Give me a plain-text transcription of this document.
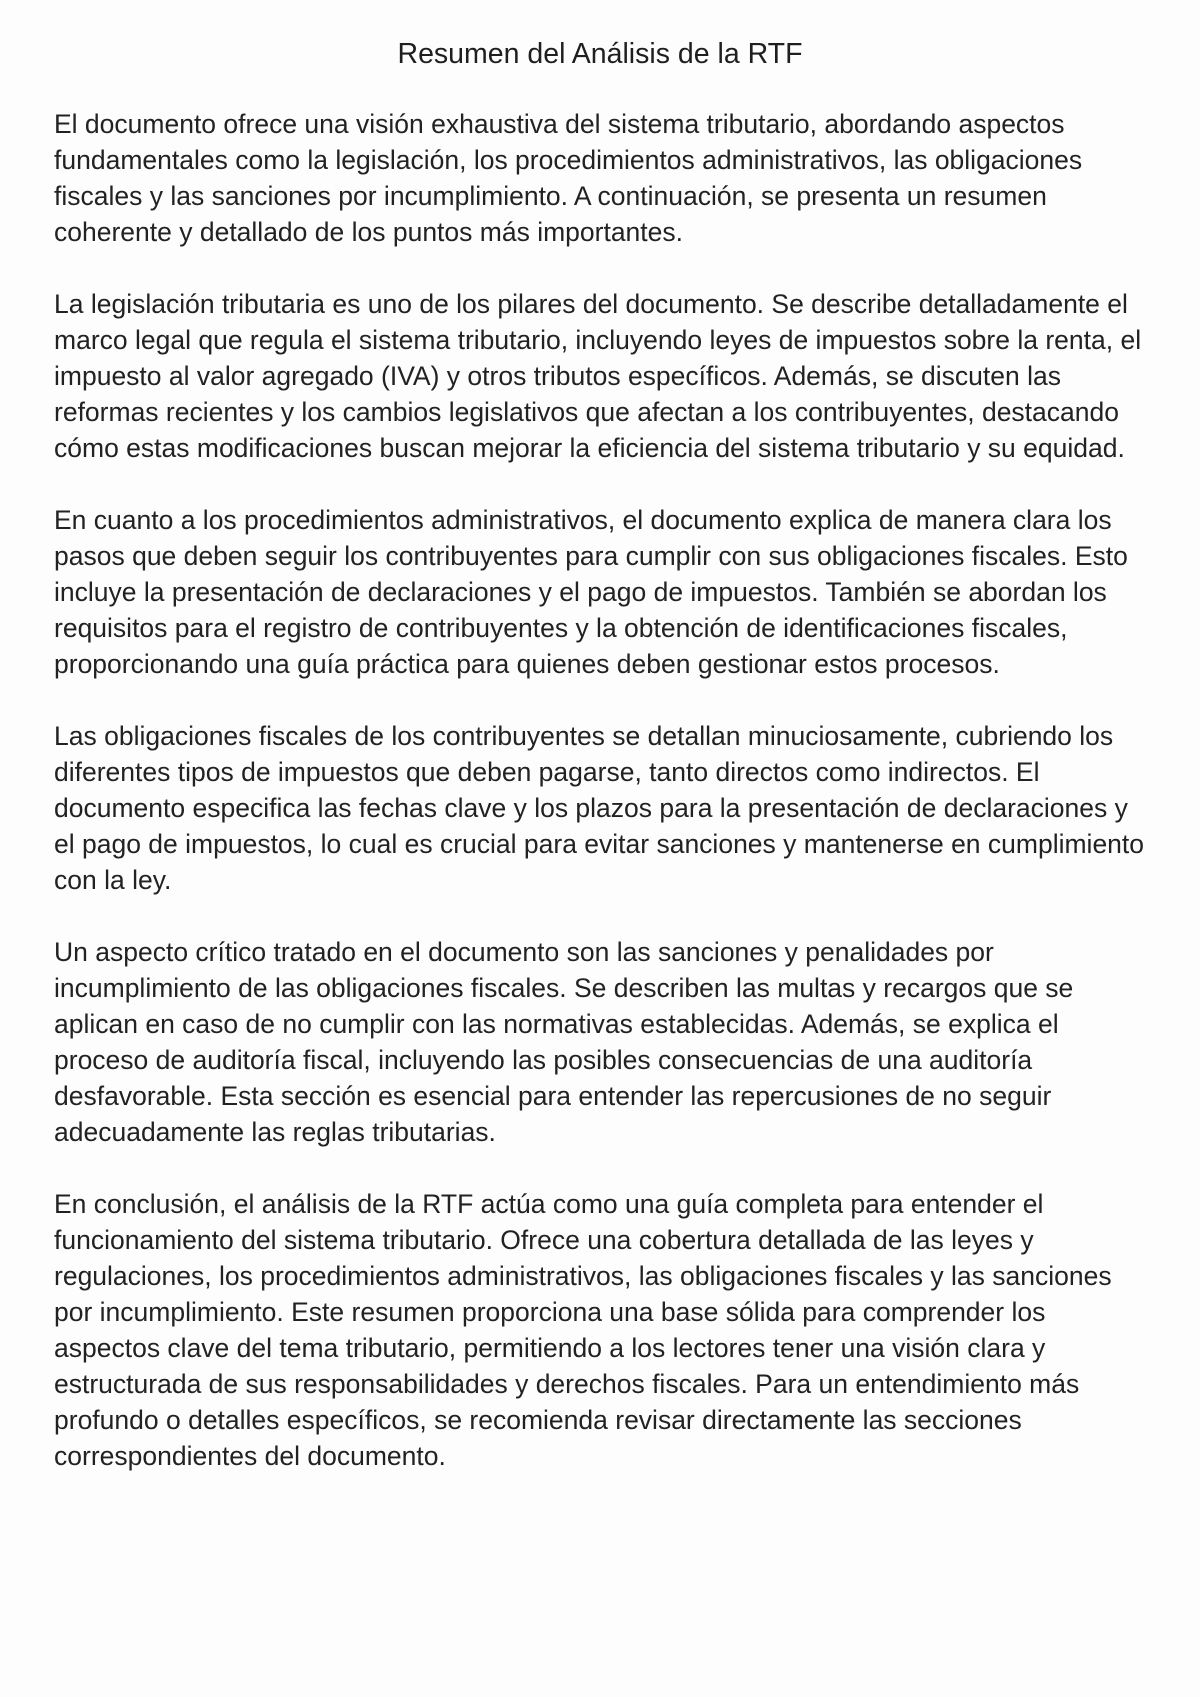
Resumen del Análisis de la RTF

El documento ofrece una visión exhaustiva del sistema tributario, abordando aspectos fundamentales como la legislación, los procedimientos administrativos, las obligaciones fiscales y las sanciones por incumplimiento. A continuación, se presenta un resumen coherente y detallado de los puntos más importantes.

La legislación tributaria es uno de los pilares del documento. Se describe detalladamente el marco legal que regula el sistema tributario, incluyendo leyes de impuestos sobre la renta, el impuesto al valor agregado (IVA) y otros tributos específicos. Además, se discuten las reformas recientes y los cambios legislativos que afectan a los contribuyentes, destacando cómo estas modificaciones buscan mejorar la eficiencia del sistema tributario y su equidad.

En cuanto a los procedimientos administrativos, el documento explica de manera clara los pasos que deben seguir los contribuyentes para cumplir con sus obligaciones fiscales. Esto incluye la presentación de declaraciones y el pago de impuestos. También se abordan los requisitos para el registro de contribuyentes y la obtención de identificaciones fiscales, proporcionando una guía práctica para quienes deben gestionar estos procesos.

Las obligaciones fiscales de los contribuyentes se detallan minuciosamente, cubriendo los diferentes tipos de impuestos que deben pagarse, tanto directos como indirectos. El documento especifica las fechas clave y los plazos para la presentación de declaraciones y el pago de impuestos, lo cual es crucial para evitar sanciones y mantenerse en cumplimiento con la ley.

Un aspecto crítico tratado en el documento son las sanciones y penalidades por incumplimiento de las obligaciones fiscales. Se describen las multas y recargos que se aplican en caso de no cumplir con las normativas establecidas. Además, se explica el proceso de auditoría fiscal, incluyendo las posibles consecuencias de una auditoría desfavorable. Esta sección es esencial para entender las repercusiones de no seguir adecuadamente las reglas tributarias.

En conclusión, el análisis de la RTF actúa como una guía completa para entender el funcionamiento del sistema tributario. Ofrece una cobertura detallada de las leyes y regulaciones, los procedimientos administrativos, las obligaciones fiscales y las sanciones por incumplimiento. Este resumen proporciona una base sólida para comprender los aspectos clave del tema tributario, permitiendo a los lectores tener una visión clara y estructurada de sus responsabilidades y derechos fiscales. Para un entendimiento más profundo o detalles específicos, se recomienda revisar directamente las secciones correspondientes del documento.
